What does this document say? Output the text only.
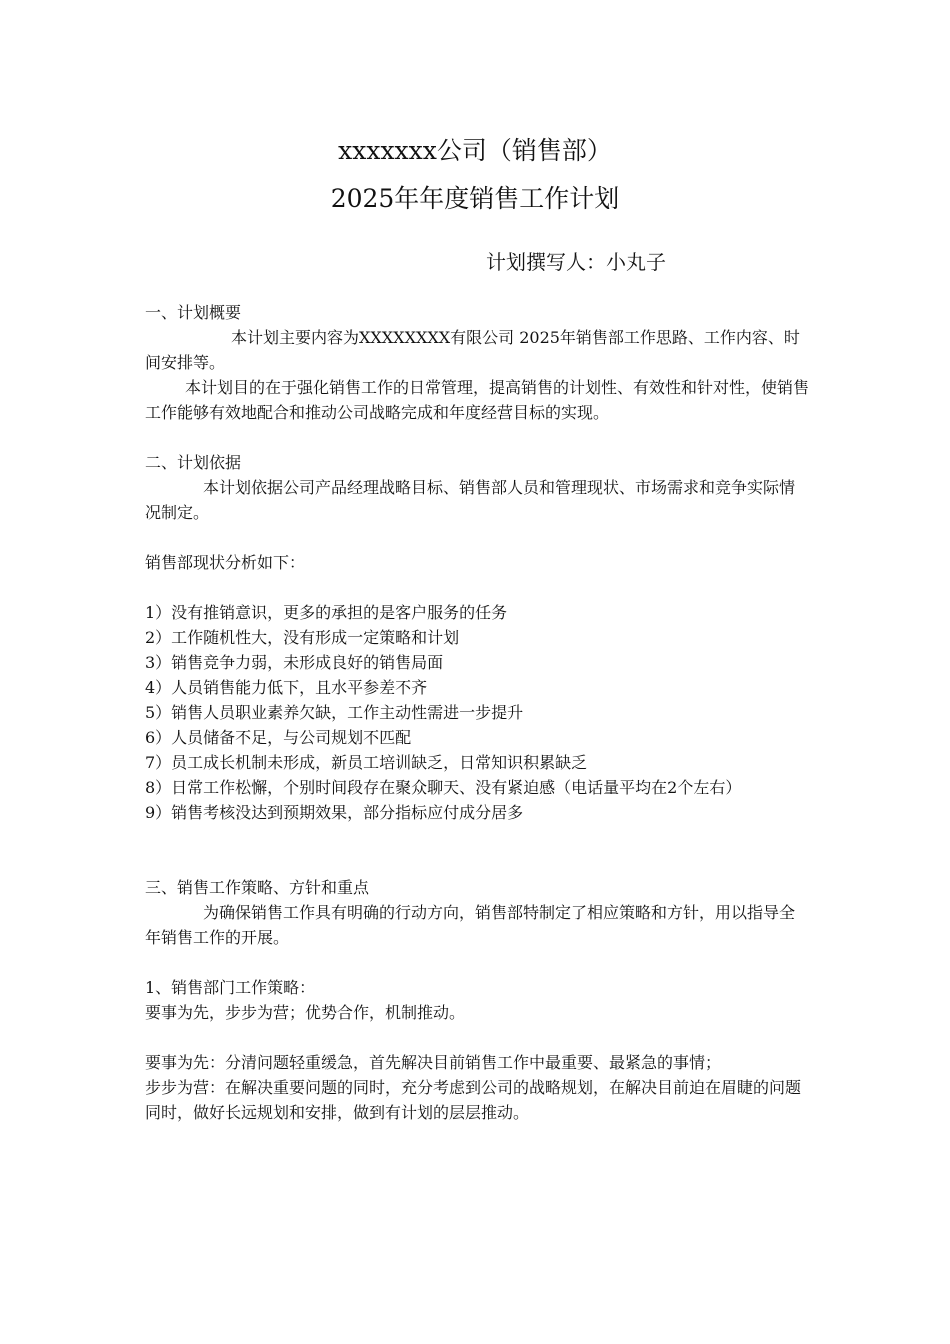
xxxxxxx公司（销售部）
2025年年度销售工作计划
计划撰写人：小丸子

一、计划概要

本计划主要内容为XXXXXXXX有限公司 2025年销售部工作思路、工作内容、时间安排等。

本计划目的在于强化销售工作的日常管理，提高销售的计划性、有效性和针对性，使销售工作能够有效地配合和推动公司战略完成和年度经营目标的实现。

二、计划依据

本计划依据公司产品经理战略目标、销售部人员和管理现状、市场需求和竞争实际情况制定。

销售部现状分析如下：

1）没有推销意识，更多的承担的是客户服务的任务
2）工作随机性大，没有形成一定策略和计划
3）销售竞争力弱，未形成良好的销售局面
4）人员销售能力低下，且水平参差不齐
5）销售人员职业素养欠缺，工作主动性需进一步提升
6）人员储备不足，与公司规划不匹配
7）员工成长机制未形成，新员工培训缺乏，日常知识积累缺乏
8）日常工作松懈，个别时间段存在聚众聊天、没有紧迫感（电话量平均在2个左右）
9）销售考核没达到预期效果，部分指标应付成分居多

三、销售工作策略、方针和重点

为确保销售工作具有明确的行动方向，销售部特制定了相应策略和方针，用以指导全年销售工作的开展。

1、销售部门工作策略：

要事为先，步步为营；优势合作，机制推动。

要事为先：分清问题轻重缓急，首先解决目前销售工作中最重要、最紧急的事情；

步步为营：在解决重要问题的同时，充分考虑到公司的战略规划，在解决目前迫在眉睫的问题同时，做好长远规划和安排，做到有计划的层层推动。
